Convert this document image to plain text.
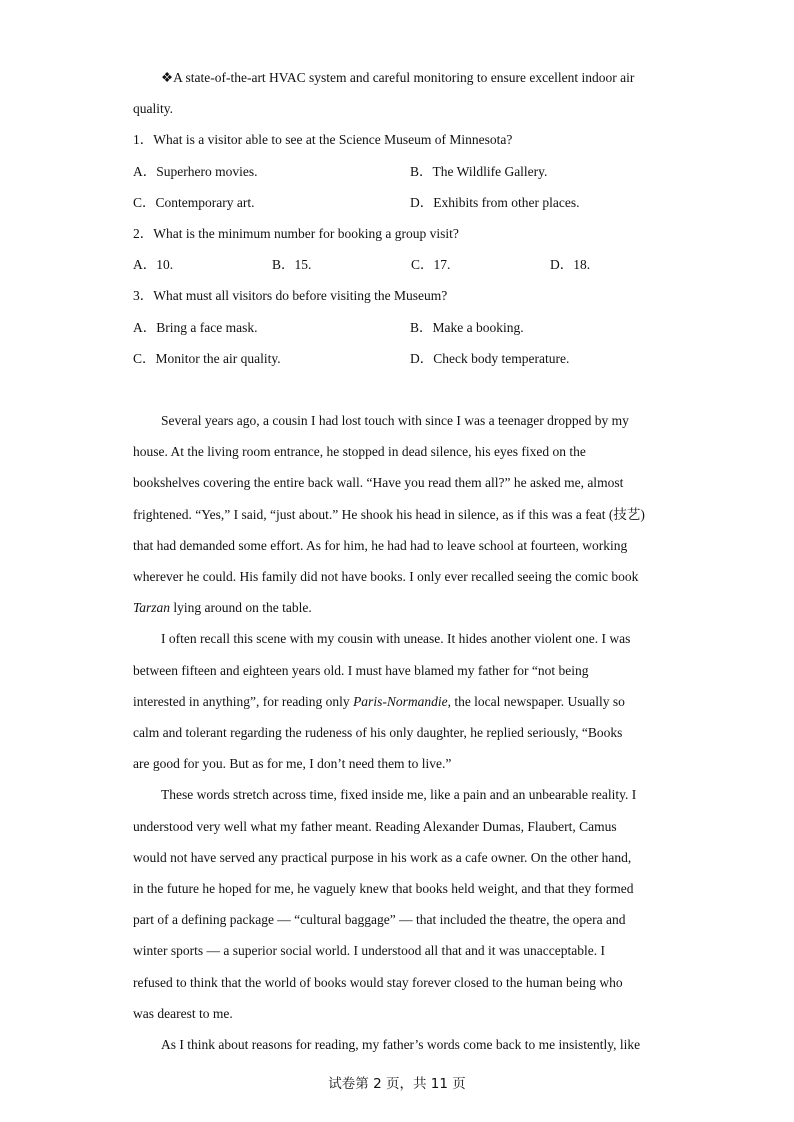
❖A state-of-the-art HVAC system and careful monitoring to ensure excellent indoor air
quality.
1．What is a visitor able to see at the Science Museum of Minnesota?
A．Superhero movies.	B．The Wildlife Gallery.
C．Contemporary art.	D．Exhibits from other places.
2．What is the minimum number for booking a group visit?
A．10.	B．15.	C．17.	D．18.
3．What must all visitors do before visiting the Museum?
A．Bring a face mask.	B．Make a booking.
C．Monitor the air quality.	D．Check body temperature.
Several years ago, a cousin I had lost touch with since I was a teenager dropped by my
house. At the living room entrance, he stopped in dead silence, his eyes fixed on the
bookshelves covering the entire back wall. “Have you read them all?” he asked me, almost
frightened. “Yes,” I said, “just about.” He shook his head in silence, as if this was a feat (技艺)
that had demanded some effort. As for him, he had had to leave school at fourteen, working
wherever he could. His family did not have books. I only ever recalled seeing the comic book
Tarzan lying around on the table.
I often recall this scene with my cousin with unease. It hides another violent one. I was
between fifteen and eighteen years old. I must have blamed my father for “not being
interested in anything”, for reading only Paris-Normandie, the local newspaper. Usually so
calm and tolerant regarding the rudeness of his only daughter, he replied seriously, “Books
are good for you. But as for me, I don’t need them to live.”
These words stretch across time, fixed inside me, like a pain and an unbearable reality. I
understood very well what my father meant. Reading Alexander Dumas, Flaubert, Camus
would not have served any practical purpose in his work as a cafe owner. On the other hand,
in the future he hoped for me, he vaguely knew that books held weight, and that they formed
part of a defining package — “cultural baggage” — that included the theatre, the opera and
winter sports — a superior social world. I understood all that and it was unacceptable. I
refused to think that the world of books would stay forever closed to the human being who
was dearest to me.
As I think about reasons for reading, my father’s words come back to me insistently, like
试卷第 2 页，共 11 页
